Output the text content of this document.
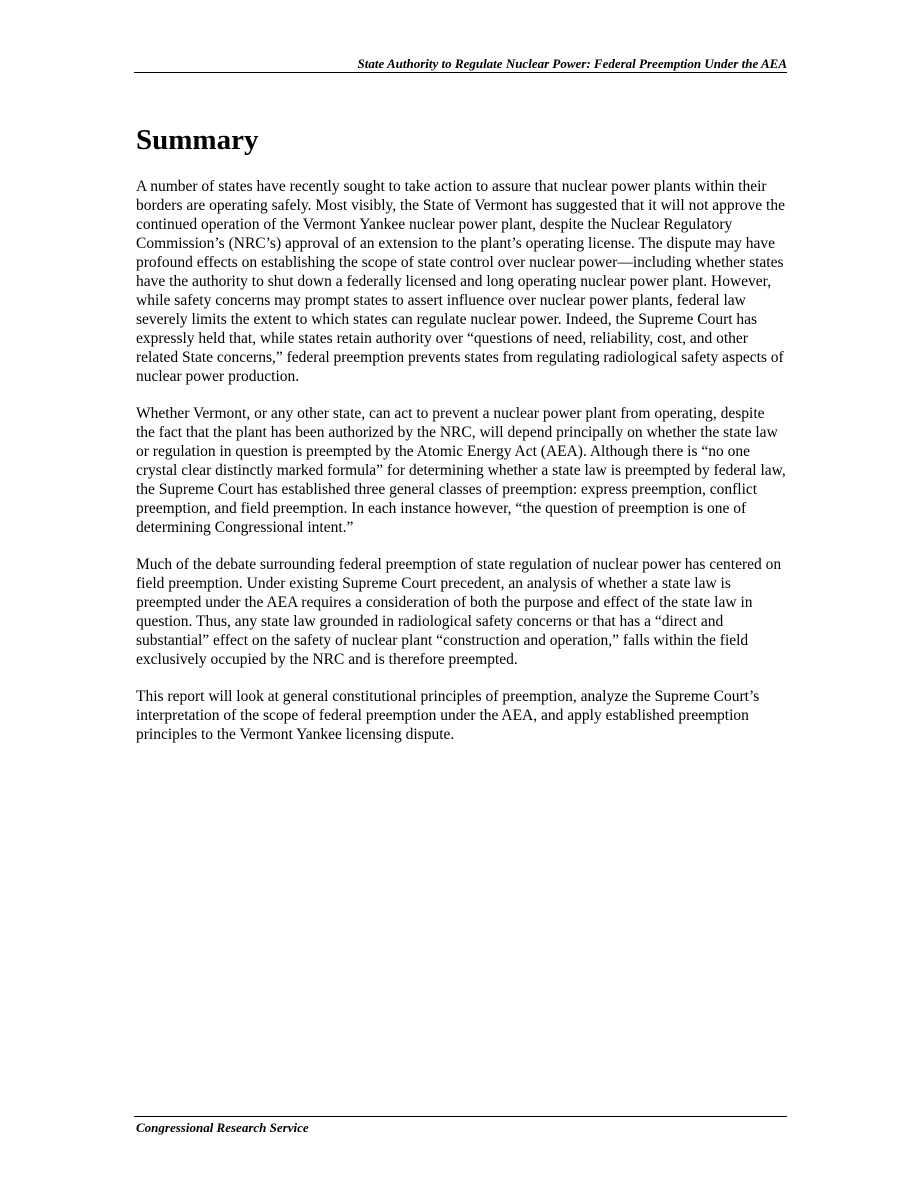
State Authority to Regulate Nuclear Power: Federal Preemption Under the AEA
Summary

A number of states have recently sought to take action to assure that nuclear power plants within their borders are operating safely. Most visibly, the State of Vermont has suggested that it will not approve the continued operation of the Vermont Yankee nuclear power plant, despite the Nuclear Regulatory Commission’s (NRC’s) approval of an extension to the plant’s operating license. The dispute may have profound effects on establishing the scope of state control over nuclear power—including whether states have the authority to shut down a federally licensed and long operating nuclear power plant. However, while safety concerns may prompt states to assert influence over nuclear power plants, federal law severely limits the extent to which states can regulate nuclear power. Indeed, the Supreme Court has expressly held that, while states retain authority over “questions of need, reliability, cost, and other related State concerns,” federal preemption prevents states from regulating radiological safety aspects of nuclear power production.

Whether Vermont, or any other state, can act to prevent a nuclear power plant from operating, despite the fact that the plant has been authorized by the NRC, will depend principally on whether the state law or regulation in question is preempted by the Atomic Energy Act (AEA). Although there is “no one crystal clear distinctly marked formula” for determining whether a state law is preempted by federal law, the Supreme Court has established three general classes of preemption: express preemption, conflict preemption, and field preemption. In each instance however, “the question of preemption is one of determining Congressional intent.”

Much of the debate surrounding federal preemption of state regulation of nuclear power has centered on field preemption. Under existing Supreme Court precedent, an analysis of whether a state law is preempted under the AEA requires a consideration of both the purpose and effect of the state law in question. Thus, any state law grounded in radiological safety concerns or that has a “direct and substantial” effect on the safety of nuclear plant “construction and operation,” falls within the field exclusively occupied by the NRC and is therefore preempted.

This report will look at general constitutional principles of preemption, analyze the Supreme Court’s interpretation of the scope of federal preemption under the AEA, and apply established preemption principles to the Vermont Yankee licensing dispute.

Congressional Research Service
